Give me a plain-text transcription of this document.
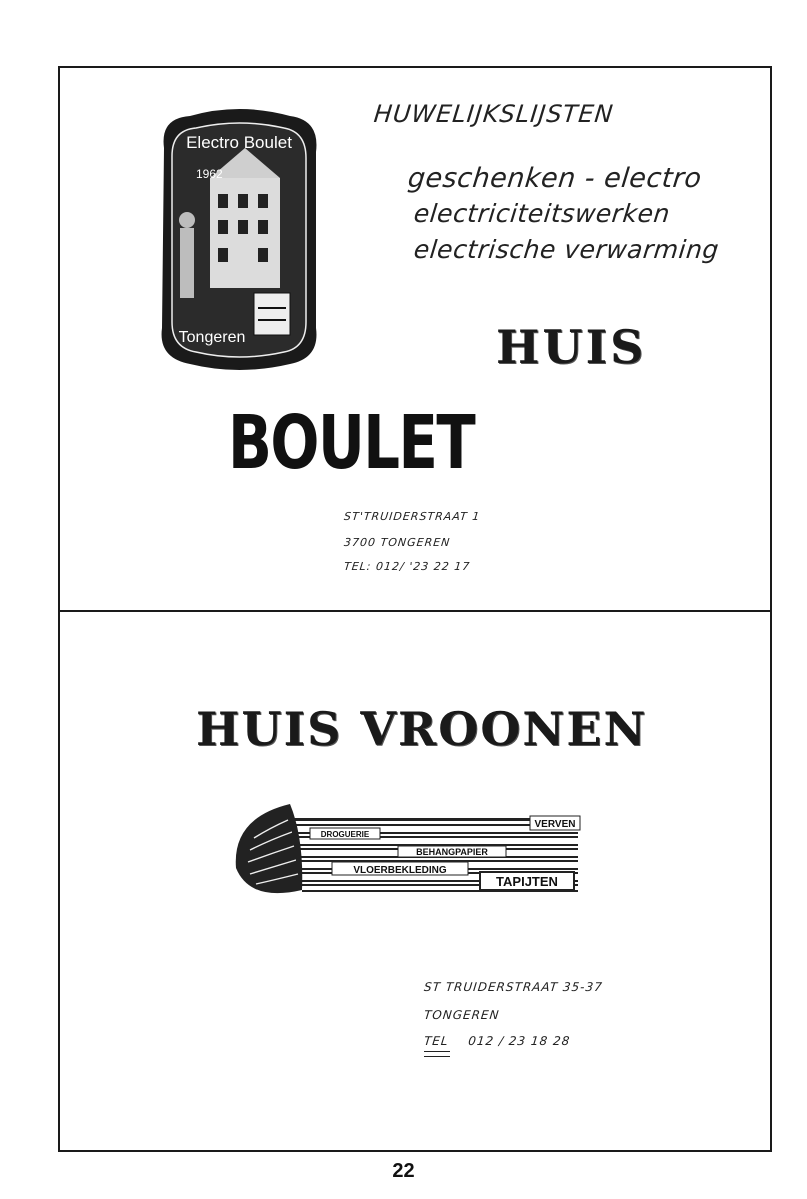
Electro Boulet
1962
Tongeren
HUWELIJKSLIJSTEN
geschenken - electro
electriciteitswerken
electrische verwarming
HUIS
BOULET
ST'TRUIDERSTRAAT 1
3700 TONGEREN
TEL: 012/ '23 22 17
HUIS VROONEN
VERVEN
DROGUERIE
BEHANGPAPIER
VLOERBEKLEDING
TAPIJTEN
ST TRUIDERSTRAAT 35-37
TONGEREN
TEL 012 / 23 18 28
22
